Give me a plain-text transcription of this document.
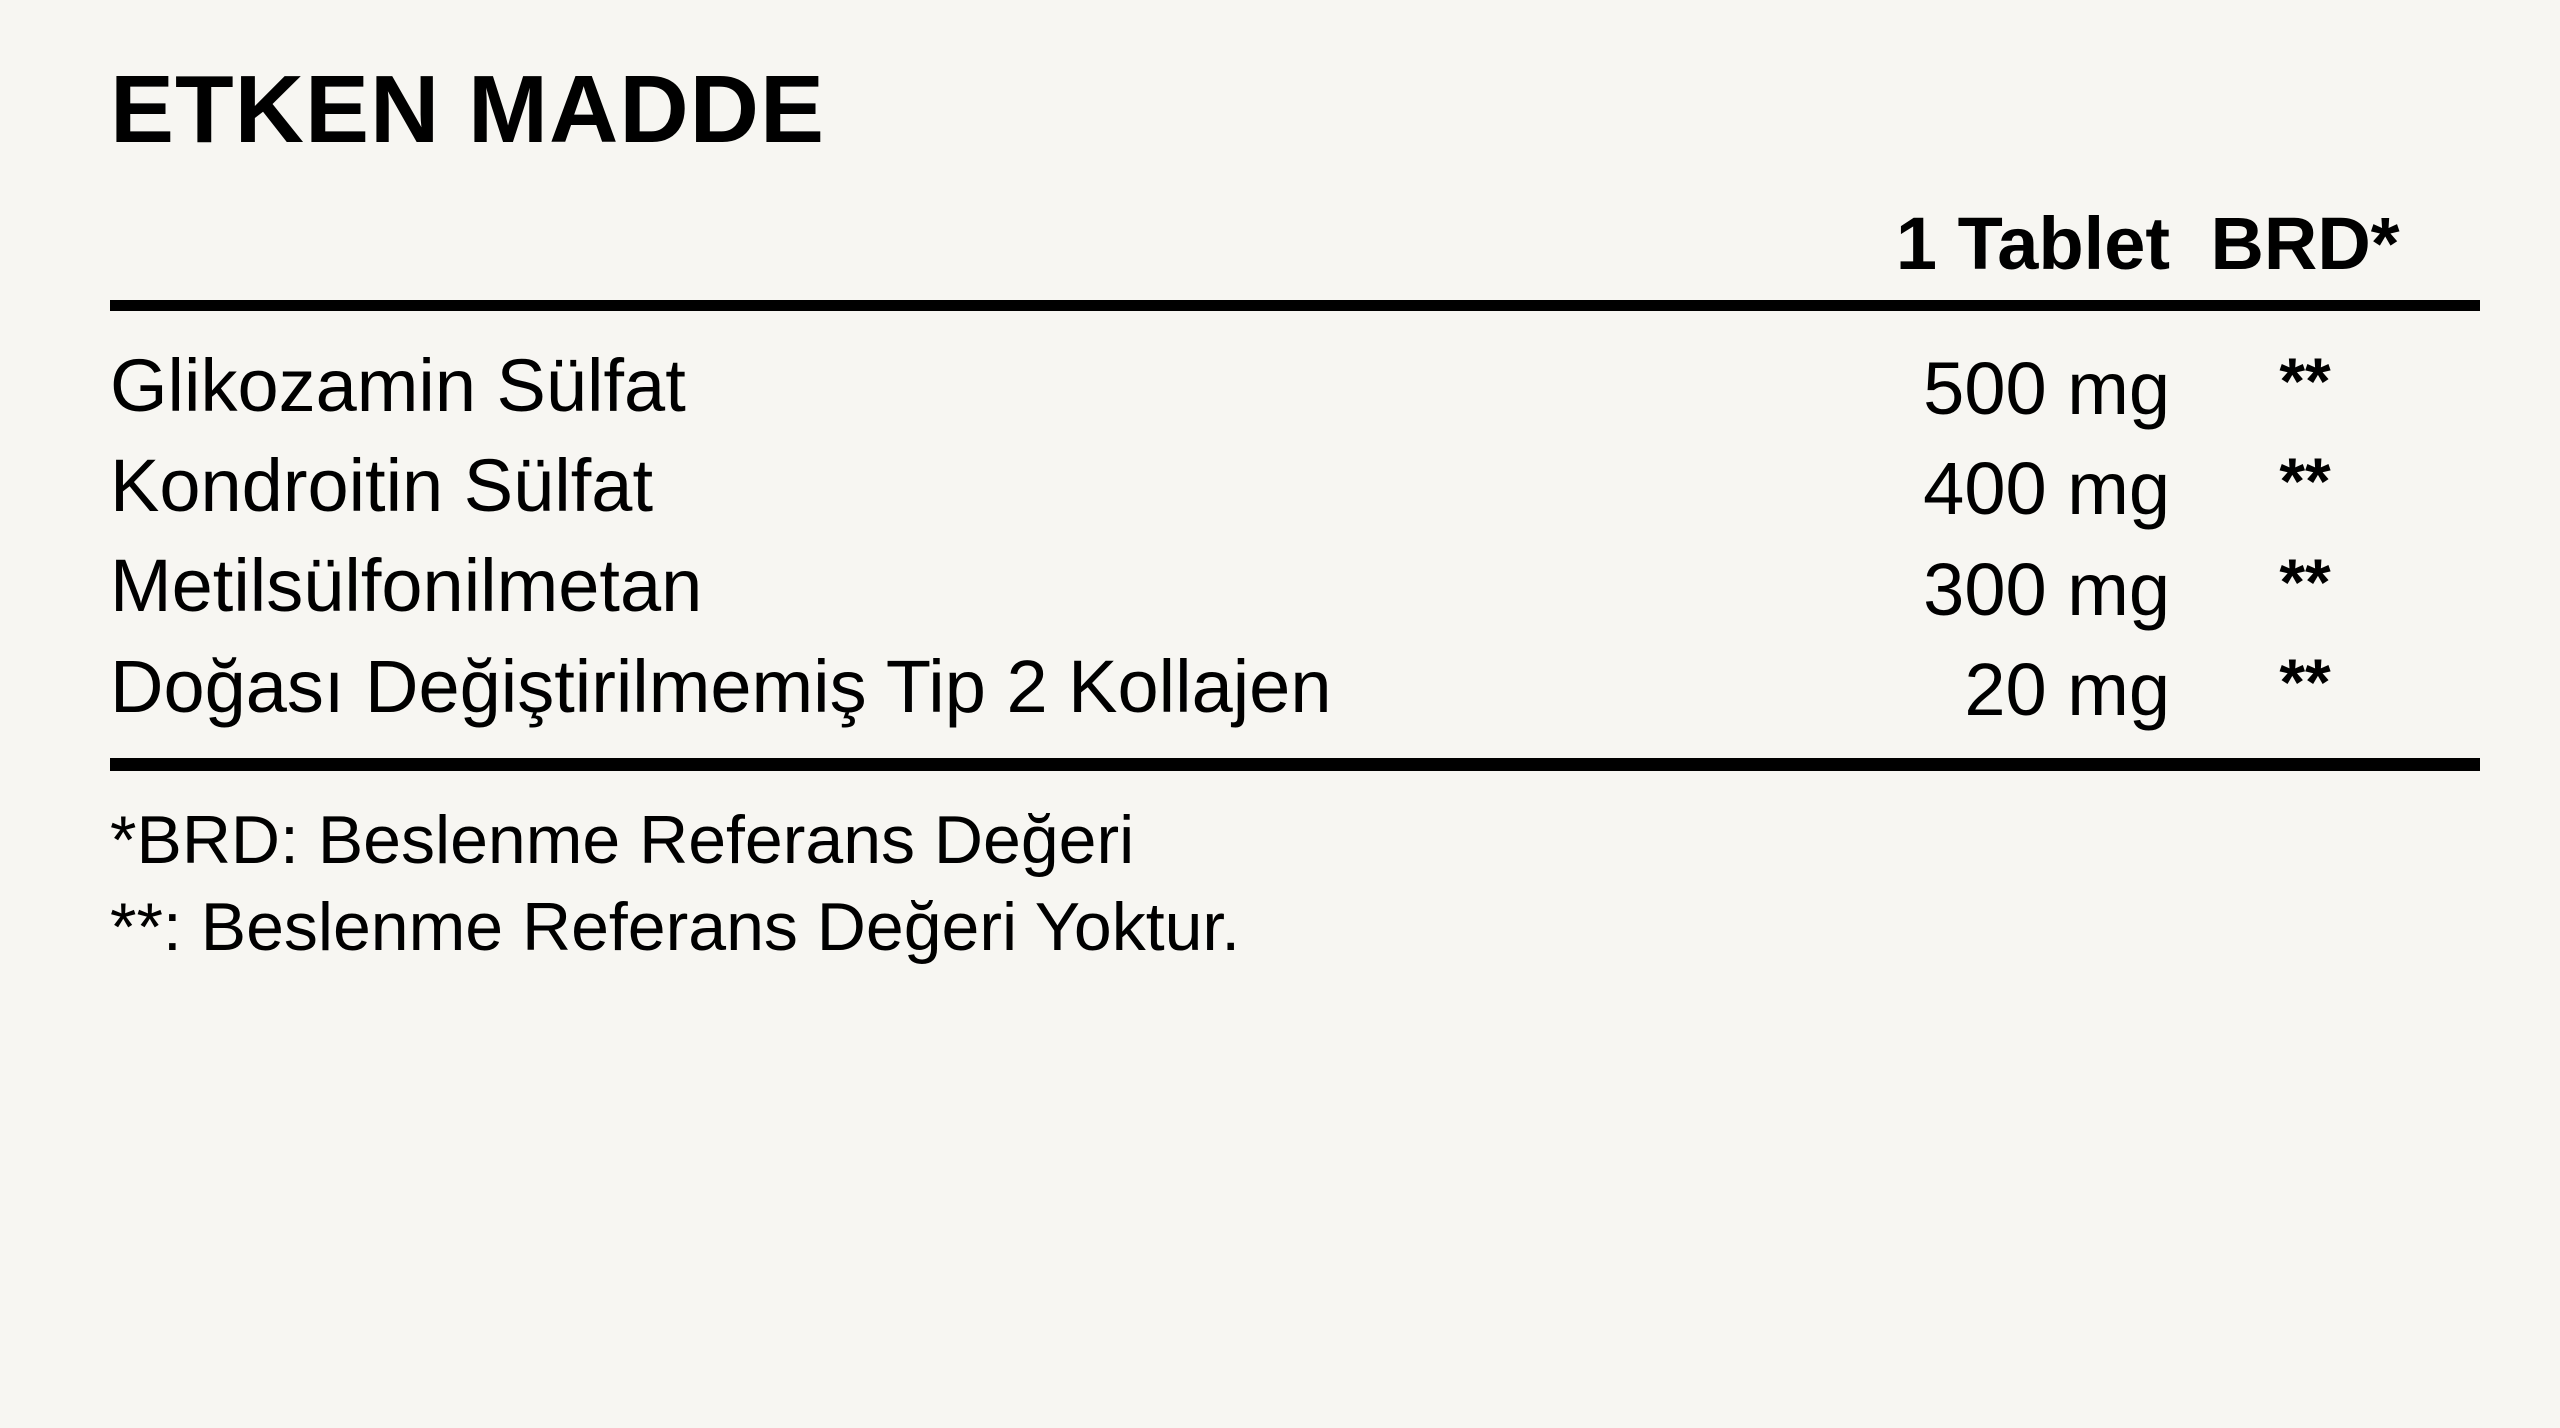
ETKEN MADDE
	1 Tablet	BRD*

Glikozamin Sülfat	500 mg	**
Kondroitin Sülfat	400 mg	**
Metilsülfonilmetan	300 mg	**
Doğası Değiştirilmemiş Tip 2 Kollajen	20 mg	**

*BRD: Beslenme Referans Değeri
**: Beslenme Referans Değeri Yoktur.
